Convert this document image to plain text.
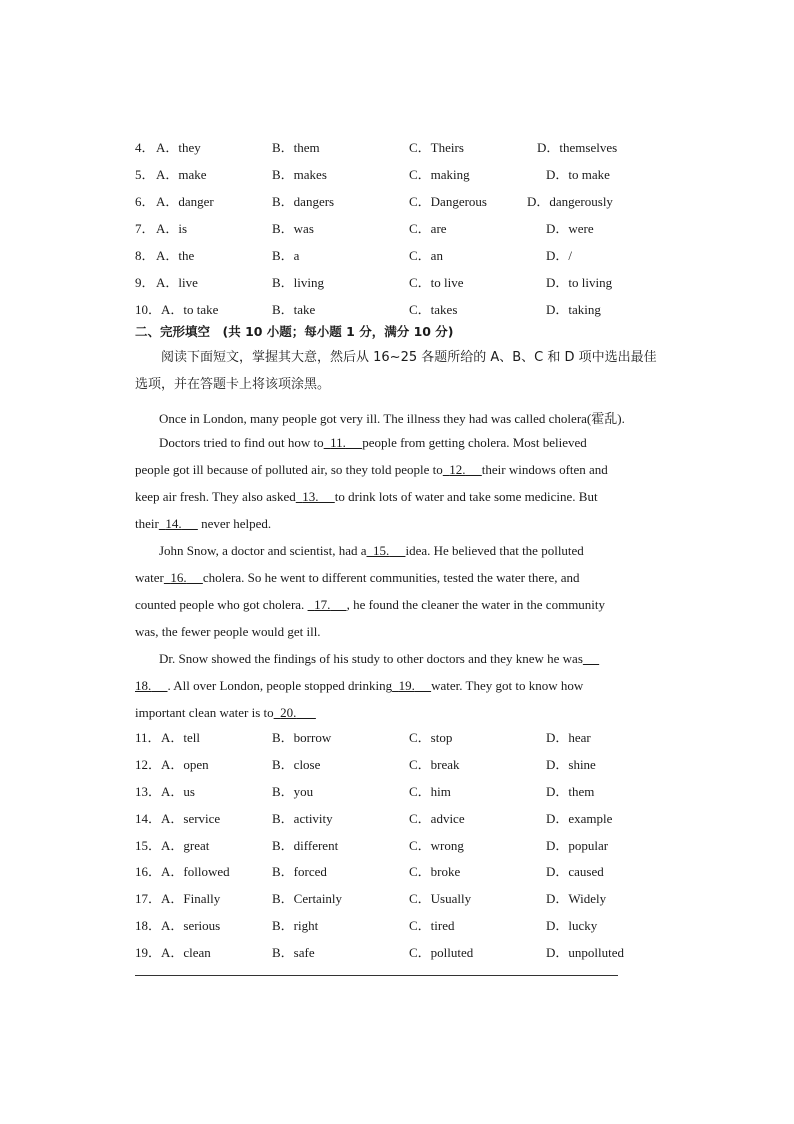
4． A．they	B．them	C．Theirs	D．themselves
5． A．make	B．makes	C．making	D．to make
6． A．danger	B．dangers	C．Dangerous	D．dangerously
7． A．is	B．was	C．are	D．were
8． A．the	B．a	C．an	D．/
9． A．live	B．living	C．to live	D．to living
10． A．to take	B．take	C．takes	D．taking
二、完形填空　(共 10 小题；每小题 1 分，满分 10 分)
阅读下面短文，掌握其大意，然后从 16~25 各题所给的 A、B、C 和 D 项中选出最佳选项，并在答题卡上将该项涂黑。
Once in London, many people got very ill. The illness they had was called cholera(霍乱).
Doctors tried to find out how to 11. people from getting cholera. Most believed
people got ill because of polluted air, so they told people to 12. their windows often and
keep air fresh. They also asked 13. to drink lots of water and take some medicine. But
their 14. never helped.
John Snow, a doctor and scientist, had a 15. idea. He believed that the polluted
water 16. cholera. So he went to different communities, tested the water there, and
counted people who got cholera. 17. , he found the cleaner the water in the community
was, the fewer people would get ill.
Dr. Snow showed the findings of his study to other doctors and they knew he was
18. . All over London, people stopped drinking 19. water. They got to know how
important clean water is to 20.
11． A．tell	B．borrow	C．stop	D．hear
12． A．open	B．close	C．break	D．shine
13． A．us	B．you	C．him	D．them
14． A．service	B．activity	C．advice	D．example
15． A．great	B．different	C．wrong	D．popular
16． A．followed	B．forced	C．broke	D．caused
17． A．Finally	B．Certainly	C．Usually	D．Widely
18． A．serious	B．right	C．tired	D．lucky
19． A．clean	B．safe	C．polluted	D．unpolluted
